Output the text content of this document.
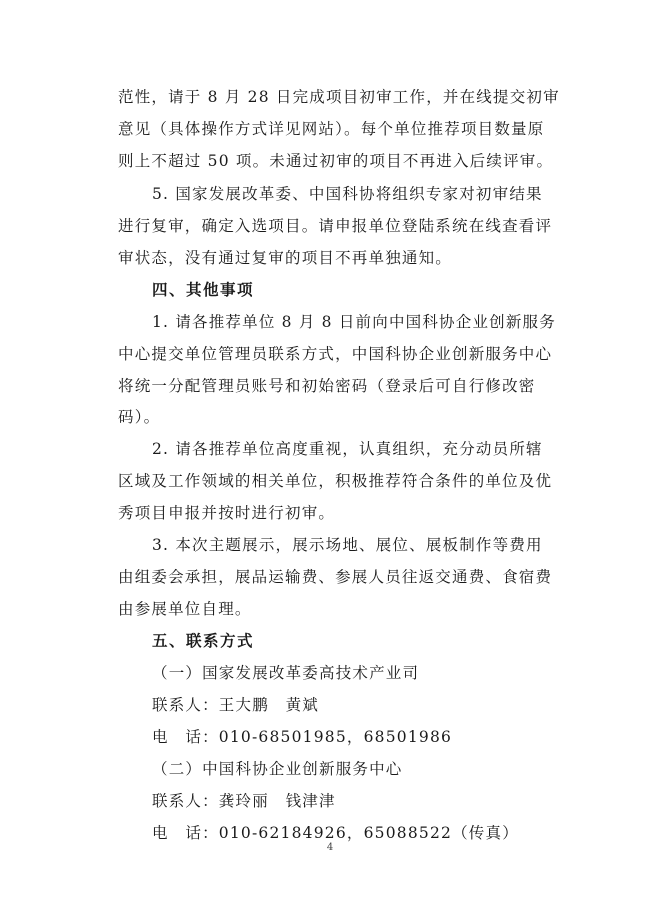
范性，请于 8 月 28 日完成项目初审工作，并在线提交初审
意见（具体操作方式详见网站）。每个单位推荐项目数量原
则上不超过 50 项。未通过初审的项目不再进入后续评审。
5. 国家发展改革委、中国科协将组织专家对初审结果
进行复审，确定入选项目。请申报单位登陆系统在线查看评
审状态，没有通过复审的项目不再单独通知。
四、其他事项
1. 请各推荐单位 8 月 8 日前向中国科协企业创新服务
中心提交单位管理员联系方式，中国科协企业创新服务中心
将统一分配管理员账号和初始密码（登录后可自行修改密
码）。
2. 请各推荐单位高度重视，认真组织，充分动员所辖
区域及工作领域的相关单位，积极推荐符合条件的单位及优
秀项目申报并按时进行初审。
3. 本次主题展示，展示场地、展位、展板制作等费用
由组委会承担，展品运输费、参展人员往返交通费、食宿费
由参展单位自理。
五、联系方式
（一）国家发展改革委高技术产业司
联系人：王大鹏　黄斌
电　话：010-68501985，68501986
（二）中国科协企业创新服务中心
联系人：龚玲丽　钱津津
电　话：010-62184926，65088522（传真）
4
